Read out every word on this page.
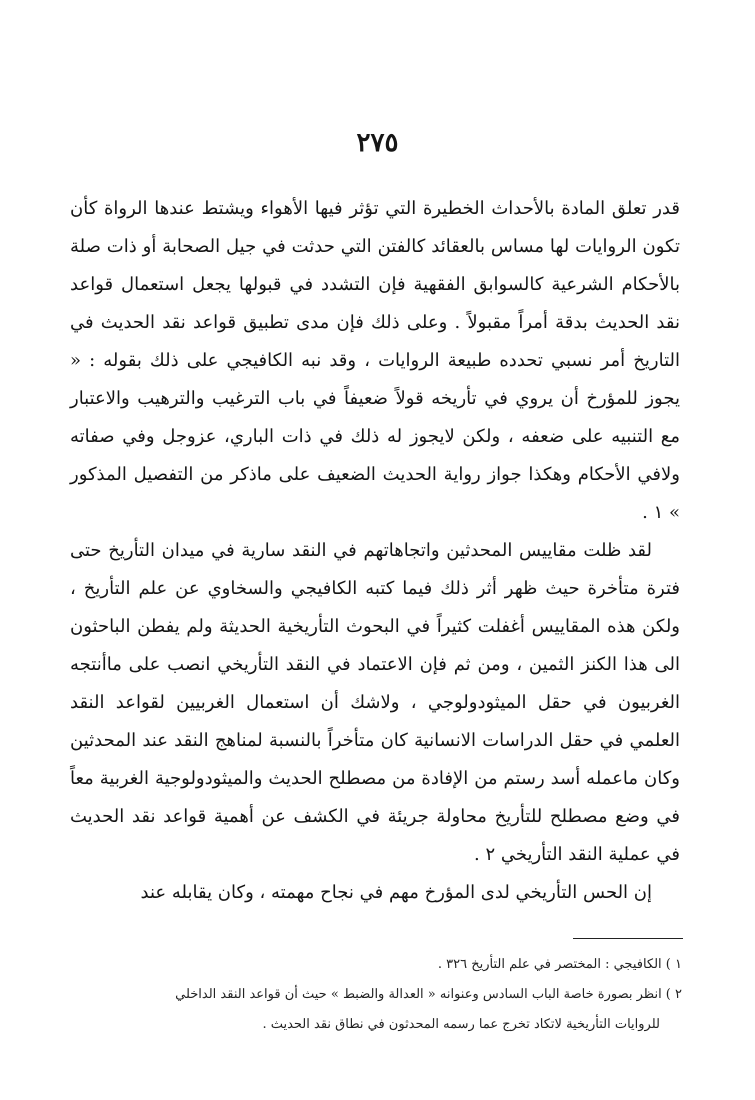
٢٧٥

قدر تعلق المادة بالأحداث الخطيرة التي تؤثر فيها الأهواء ويشتط عندها الرواة كأن تكون الروايات لها مساس بالعقائد كالفتن التي حدثت في جيل الصحابة أو ذات صلة بالأحكام الشرعية كالسوابق الفقهية فإن التشدد في قبولها يجعل استعمال قواعد نقد الحديث بدقة أمراً مقبولاً . وعلى ذلك فإن مدى تطبيق قواعد نقد الحديث في التاريخ أمر نسبي تحدده طبيعة الروايات ، وقد نبه الكافيجي على ذلك بقوله : « يجوز للمؤرخ أن يروي في تأريخه قولاً ضعيفاً في باب الترغيب والترهيب والاعتبار مع التنبيه على ضعفه ، ولكن لايجوز له ذلك في ذات الباري، عزوجل وفي صفاته ولافي الأحكام وهكذا جواز رواية الحديث الضعيف على ماذكر من التفصيل المذكور » ١ .

لقد ظلت مقاييس المحدثين واتجاهاتهم في النقد سارية في ميدان التأريخ حتى فترة متأخرة حيث ظهر أثر ذلك فيما كتبه الكافيجي والسخاوي عن علم التأريخ ، ولكن هذه المقاييس أغفلت كثيراً في البحوث التأريخية الحديثة ولم يفطن الباحثون الى هذا الكنز الثمين ، ومن ثم فإن الاعتماد في النقد التأريخي انصب على ماأنتجه الغربيون في حقل الميثودولوجي ، ولاشك أن استعمال الغربيين لقواعد النقد العلمي في حقل الدراسات الانسانية كان متأخراً بالنسبة لمناهج النقد عند المحدثين وكان ماعمله أسد رستم من الإفادة من مصطلح الحديث والميثودولوجية الغربية معاً في وضع مصطلح للتأريخ محاولة جريئة في الكشف عن أهمية قواعد نقد الحديث في عملية النقد التأريخي ٢ .

إن الحس التأريخي لدى المؤرخ مهم في نجاح مهمته ، وكان يقابله عند

١ ) الكافيجي : المختصر في علم التأريخ ٣٢٦ .

٢ ) انظر بصورة خاصة الباب السادس وعنوانه « العدالة والضبط » حيث أن قواعد النقد الداخلي

للروايات التأريخية لاتكاد تخرج عما رسمه المحدثون في نطاق نقد الحديث .
